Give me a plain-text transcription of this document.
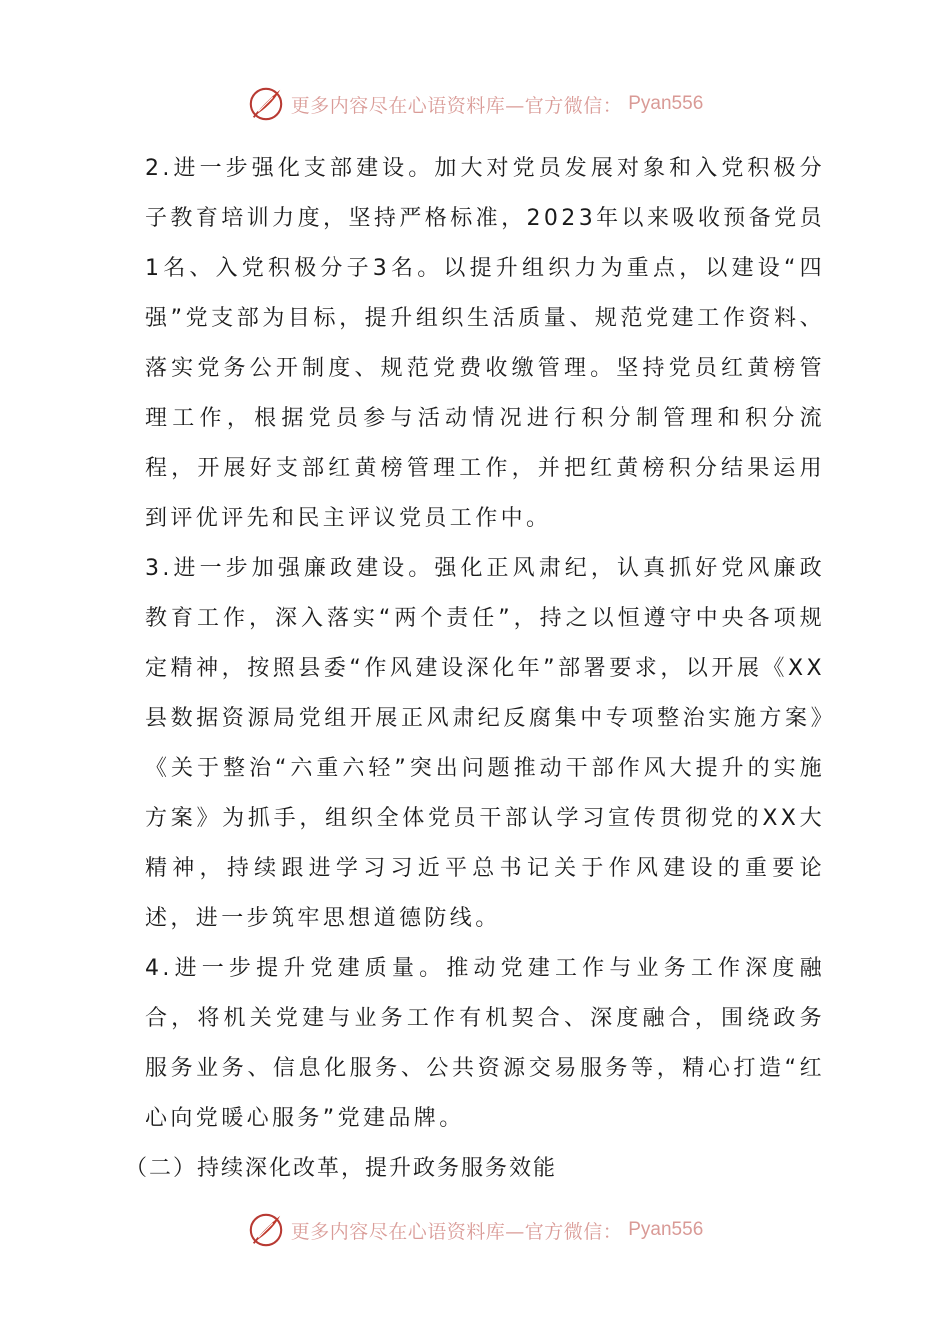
更多内容尽在心语资料库—官方微信： Pyan556

2.进一步强化支部建设。加大对党员发展对象和入党积极分子教育培训力度，坚持严格标准，2023年以来吸收预备党员1名、入党积极分子3名。以提升组织力为重点，以建设“四强”党支部为目标，提升组织生活质量、规范党建工作资料、落实党务公开制度、规范党费收缴管理。坚持党员红黄榜管理工作，根据党员参与活动情况进行积分制管理和积分流程，开展好支部红黄榜管理工作，并把红黄榜积分结果运用到评优评先和民主评议党员工作中。

3.进一步加强廉政建设。强化正风肃纪，认真抓好党风廉政教育工作，深入落实“两个责任”，持之以恒遵守中央各项规定精神，按照县委“作风建设深化年”部署要求，以开展《XX县数据资源局党组开展正风肃纪反腐集中专项整治实施方案》《关于整治“六重六轻”突出问题推动干部作风大提升的实施方案》为抓手，组织全体党员干部认学习宣传贯彻党的XX大精神，持续跟进学习习近平总书记关于作风建设的重要论述，进一步筑牢思想道德防线。

4.进一步提升党建质量。推动党建工作与业务工作深度融合，将机关党建与业务工作有机契合、深度融合，围绕政务服务业务、信息化服务、公共资源交易服务等，精心打造“红心向党暖心服务”党建品牌。

（二）持续深化改革，提升政务服务效能

更多内容尽在心语资料库—官方微信： Pyan556
